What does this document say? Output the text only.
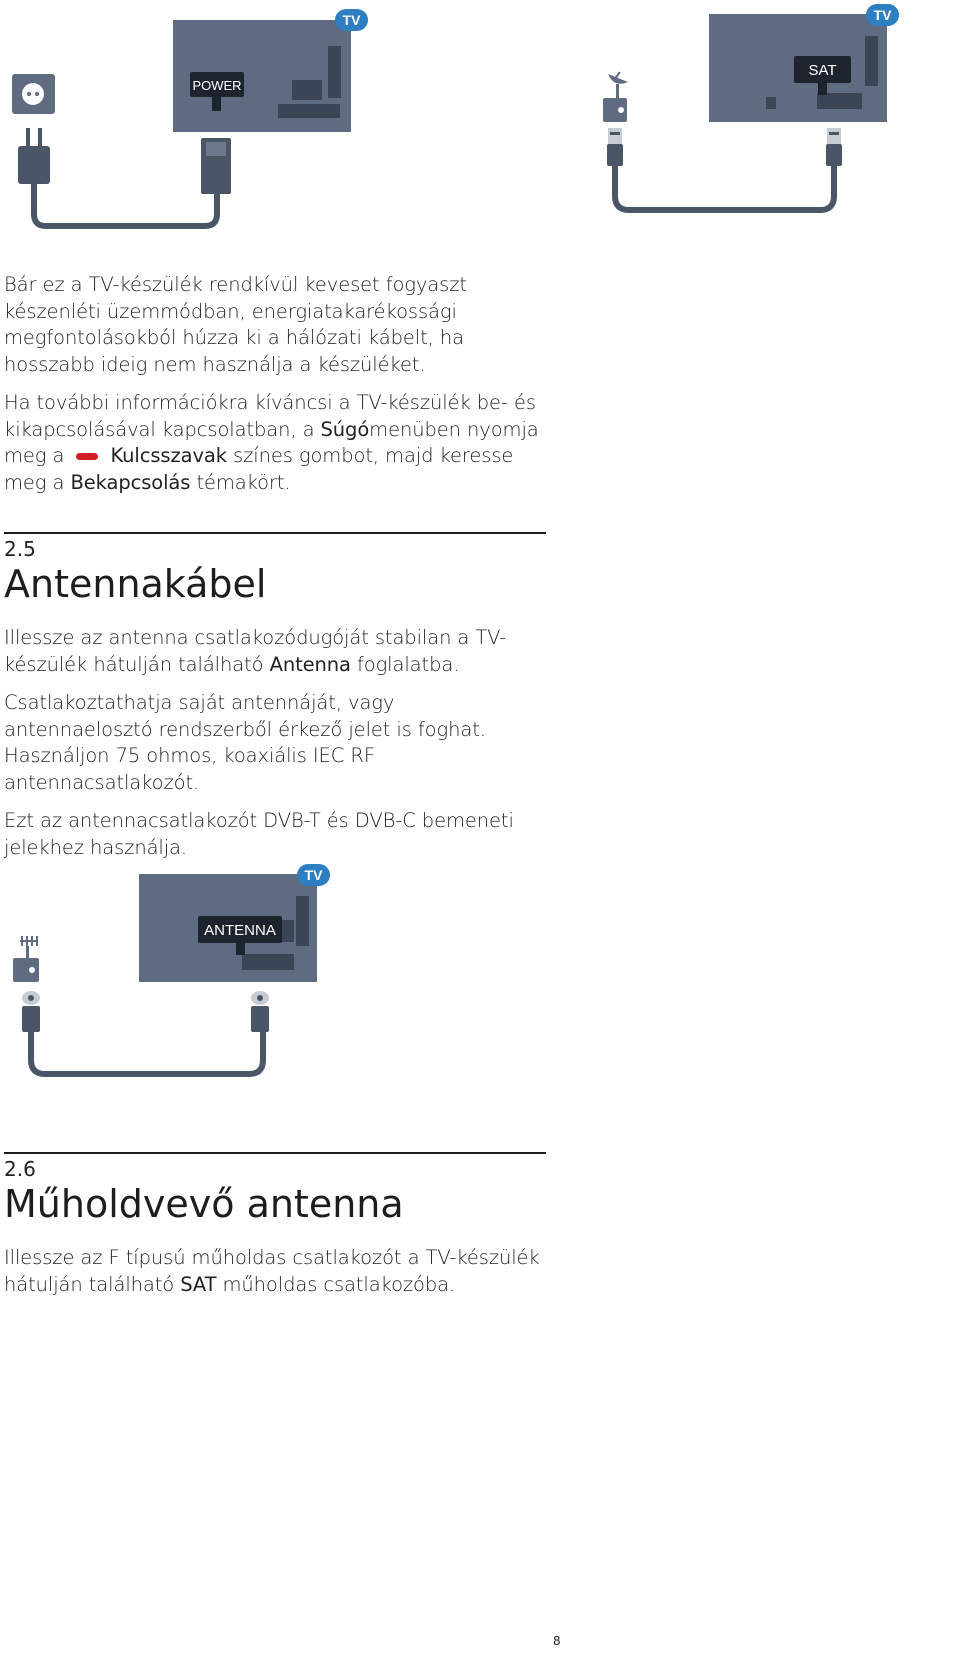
TV
POWER
TV
SAT

Bár ez a TV-készülék rendkívül keveset fogyaszt készenléti üzemmódban, energiatakarékossági megfontolásokból húzza ki a hálózati kábelt, ha hosszabb ideig nem használja a készüléket.

Ha további információkra kíváncsi a TV-készülék be- és kikapcsolásával kapcsolatban, a Súgómenüben nyomja meg a Kulcsszavak színes gombot, majd keresse meg a Bekapcsolás témakört.

2.5
Antennakábel

Illessze az antenna csatlakozódugóját stabilan a TV-készülék hátulján található Antenna foglalatba.

Csatlakoztathatja saját antennáját, vagy antennaelosztó rendszerből érkező jelet is foghat. Használjon 75 ohmos, koaxiális IEC RF antennacsatlakozót.

Ezt az antennacsatlakozót DVB-T és DVB-C bemeneti jelekhez használja.

TV
ANTENNA
2.6
Műholdvevő antenna

Illessze az F típusú műholdas csatlakozót a TV-készülék hátulján található SAT műholdas csatlakozóba.

8
